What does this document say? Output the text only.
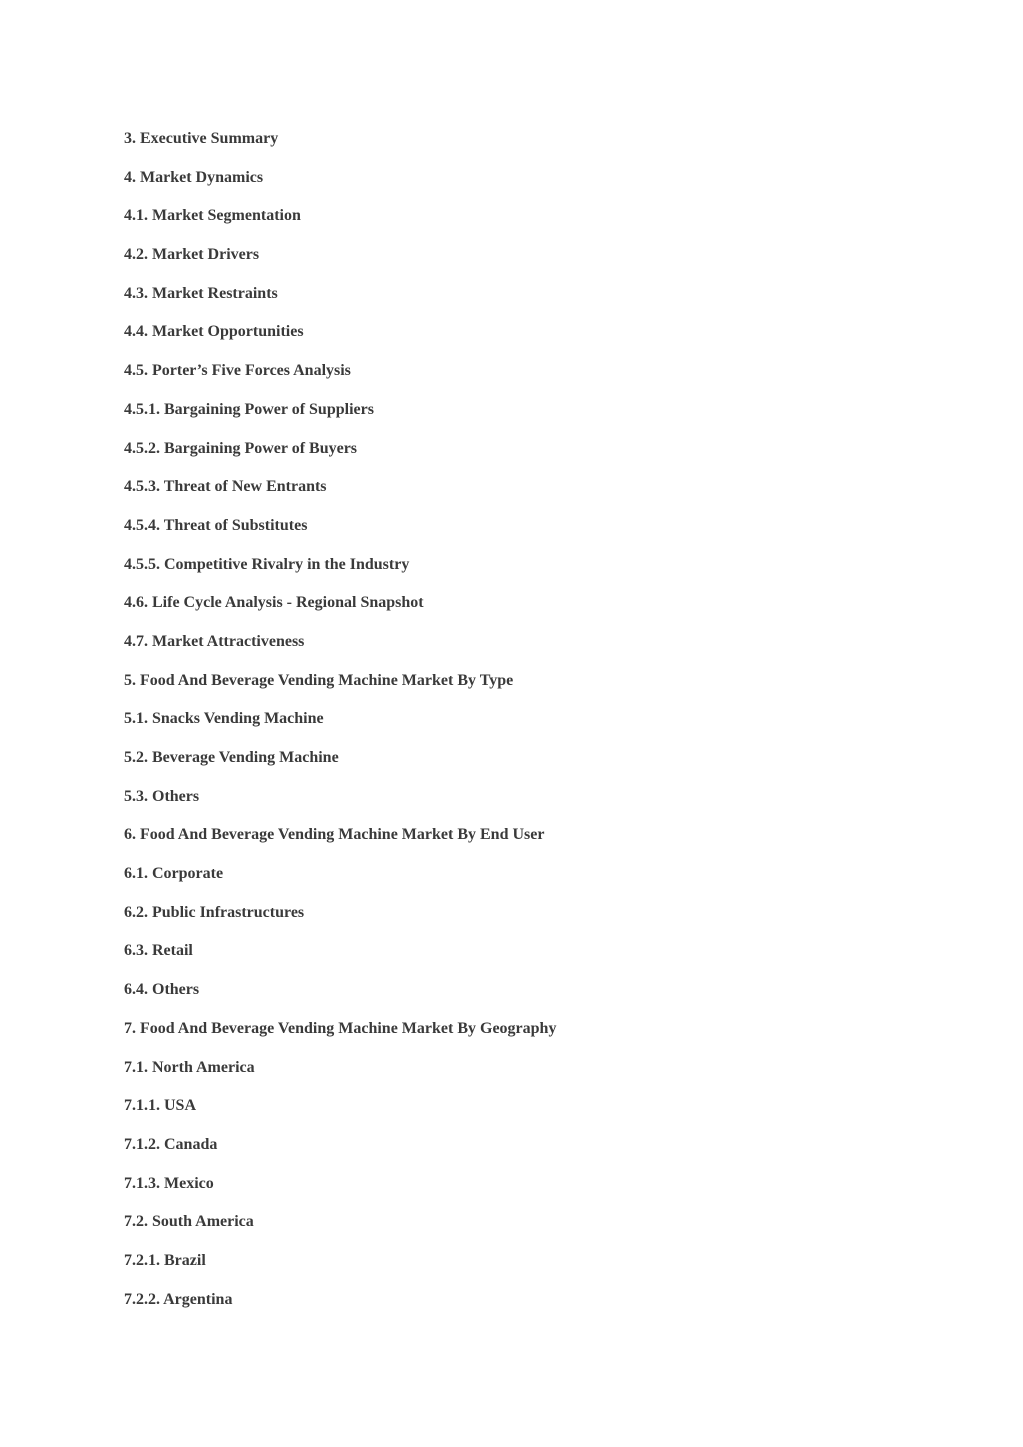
3. Executive Summary
4. Market Dynamics
4.1. Market Segmentation
4.2. Market Drivers
4.3. Market Restraints
4.4. Market Opportunities
4.5. Porter’s Five Forces Analysis
4.5.1. Bargaining Power of Suppliers
4.5.2. Bargaining Power of Buyers
4.5.3. Threat of New Entrants
4.5.4. Threat of Substitutes
4.5.5. Competitive Rivalry in the Industry
4.6. Life Cycle Analysis - Regional Snapshot
4.7. Market Attractiveness
5. Food And Beverage Vending Machine Market By Type
5.1. Snacks Vending Machine
5.2. Beverage Vending Machine
5.3. Others
6. Food And Beverage Vending Machine Market By End User
6.1. Corporate
6.2. Public Infrastructures
6.3. Retail
6.4. Others
7. Food And Beverage Vending Machine Market By Geography
7.1. North America
7.1.1. USA
7.1.2. Canada
7.1.3. Mexico
7.2. South America
7.2.1. Brazil
7.2.2. Argentina
